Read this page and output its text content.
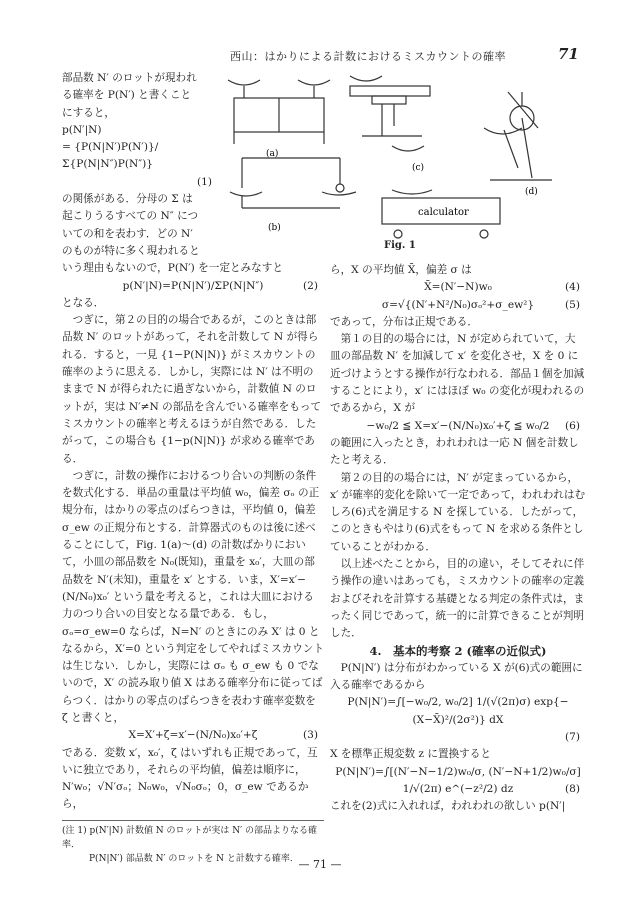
西山：はかりによる計数におけるミスカウントの確率	71
(a)
(b)
(c)
(d)
calculator
Fig. 1

部品数 N′ のロットが現われ

る確率を P(N′) と書くこと

にすると，

p(N′|N)

= {P(N|N′)P(N′)}/

Σ{P(N|N″)P(N″)}

(1)

の関係がある．分母の Σ は

起こりうるすべての N″ につ

いての和を表わす．どの N′

のものが特に多く現われると

いう理由もないので，P(N′) を一定とみなすと

p(N′|N)=P(N|N′)/ΣP(N|N″)	(2)

となる．

つぎに，第２の目的の場合であるが，このときは部品数 N′ のロットがあって，それを計数して N が得られる．すると，一見 {1−P(N|N)} がミスカウントの確率のように思える．しかし，実際には N′ は不明のままで N が得られたに過ぎないから，計数値 N のロットが，実は N′≠N の部品を含んでいる確率をもってミスカウントの確率と考えるほうが自然である．したがって，この場合も {1−p(N|N)} が求める確率である．

つぎに，計数の操作におけるつり合いの判断の条件を数式化する．単品の重量は平均値 w₀，偏差 σₒ の正規分布，はかりの零点のばらつきは，平均値 0，偏差 σ_ew の正規分布とする．計算器式のものは後に述べることにして，Fig. 1(a)〜(d) の計数ばかりにおいて，小皿の部品数を N₀(既知)，重量を x₀′，大皿の部品数を N′(未知)，重量を x′ とする．いま，X′=x′−(N/N₀)x₀′ という量を考えると，これは大皿における力のつり合いの目安となる量である．もし，σₒ=σ_ew=0 ならば，N=N′ のときにのみ X′ は 0 となるから，X′=0 という判定をしてやればミスカウントは生じない．しかし，実際には σₒ も σ_ew も 0 でないので，X′ の読み取り値 X はある確率分布に従ってばらつく．はかりの零点のばらつきを表わす確率変数を ζ と書くと，

X=X′+ζ=x′−(N/N₀)x₀′+ζ	(3)

である．変数 x′，x₀′，ζ はいずれも正規であって，互いに独立であり，それらの平均値，偏差は順序に，N′w₀；√N′σₒ；N₀w₀，√N₀σₒ；0，σ_ew であるから，

(注 1) p(N′|N) 計数値 N のロットが実は N′ の部品よりなる確率．

P(N|N′) 部品数 N′ のロットを N と計数する確率．

ら，X の平均値 X̄，偏差 σ は

X̄=(N′−N)w₀	(4)

σ=√{(N′+N²/N₀)σₒ²+σ_ew²}	(5)

であって，分布は正規である．

第１の目的の場合には，N が定められていて，大皿の部品数 N′ を加減して x′ を変化させ，X を 0 に近づけようとする操作が行なわれる．部品１個を加減することにより，x′ にはほぼ w₀ の変化が現われるのであるから，X が

−w₀/2 ≦ X=x′−(N/N₀)x₀′+ζ ≦ w₀/2 (6)

の範囲に入ったとき，われわれは一応 N 個を計数したと考える．

第２の目的の場合には，N′ が定まっているから，x′ が確率的変化を除いて一定であって，われわれはむしろ(6)式を満足する N を探している．したがって，このときもやはり(6)式をもって N を求める条件としていることがわかる．

以上述べたことから，目的の違い，そしてそれに伴う操作の違いはあっても，ミスカウントの確率の定義およびそれを計算する基礎となる判定の条件式は，まったく同じであって，統一的に計算できることが判明した．

4.　基本的考察 2 (確率の近似式)

P(N|N′) は分布がわかっている X が(6)式の範囲に入る確率であるから

P(N|N′)=∫[−w₀/2, w₀/2] 1/(√(2π)σ) exp{−(X−X̄)²/(2σ²)} dX

(7)

X を標準正規変数 z に置換すると

P(N|N′)=∫[(N′−N−1/2)w₀/σ, (N′−N+1/2)w₀/σ] 1/√(2π) e^(−z²/2) dz	(8)

これを(2)式に入れれば，われわれの欲しい p(N′|

— 71 —
